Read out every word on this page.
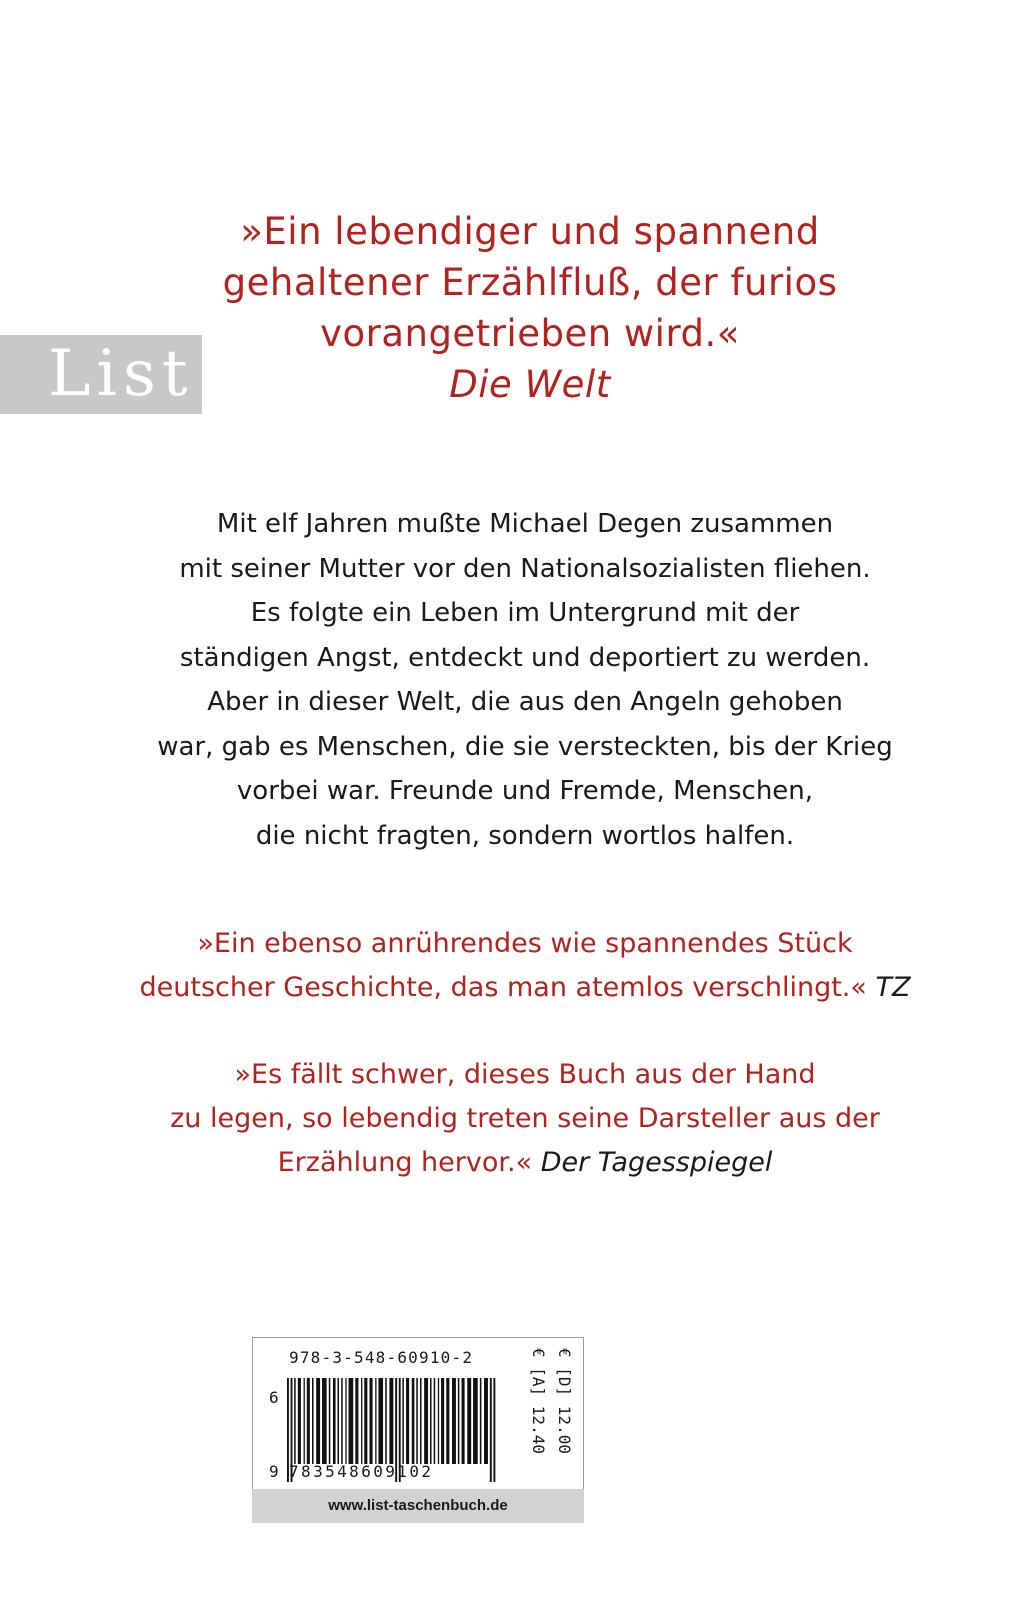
»Ein lebendiger und spannend
gehaltener Erzählfluß, der furios
vorangetrieben wird.«
Die Welt
List
Mit elf Jahren mußte Michael Degen zusammen
mit seiner Mutter vor den Nationalsozialisten fliehen.
Es folgte ein Leben im Untergrund mit der
ständigen Angst, entdeckt und deportiert zu werden.
Aber in dieser Welt, die aus den Angeln gehoben
war, gab es Menschen, die sie versteckten, bis der Krieg
vorbei war. Freunde und Fremde, Menschen,
die nicht fragten, sondern wortlos halfen.
»Ein ebenso anrührendes wie spannendes Stück
deutscher Geschichte, das man atemlos verschlingt.« TZ
»Es fällt schwer, dieses Buch aus der Hand
zu legen, so lebendig treten seine Darsteller aus der
Erzählung hervor.« Der Tagesspiegel
978-3-548-60910-2
6
9 783548609102
€ [D] 12.00
€ [A] 12.40
www.list-taschenbuch.de
